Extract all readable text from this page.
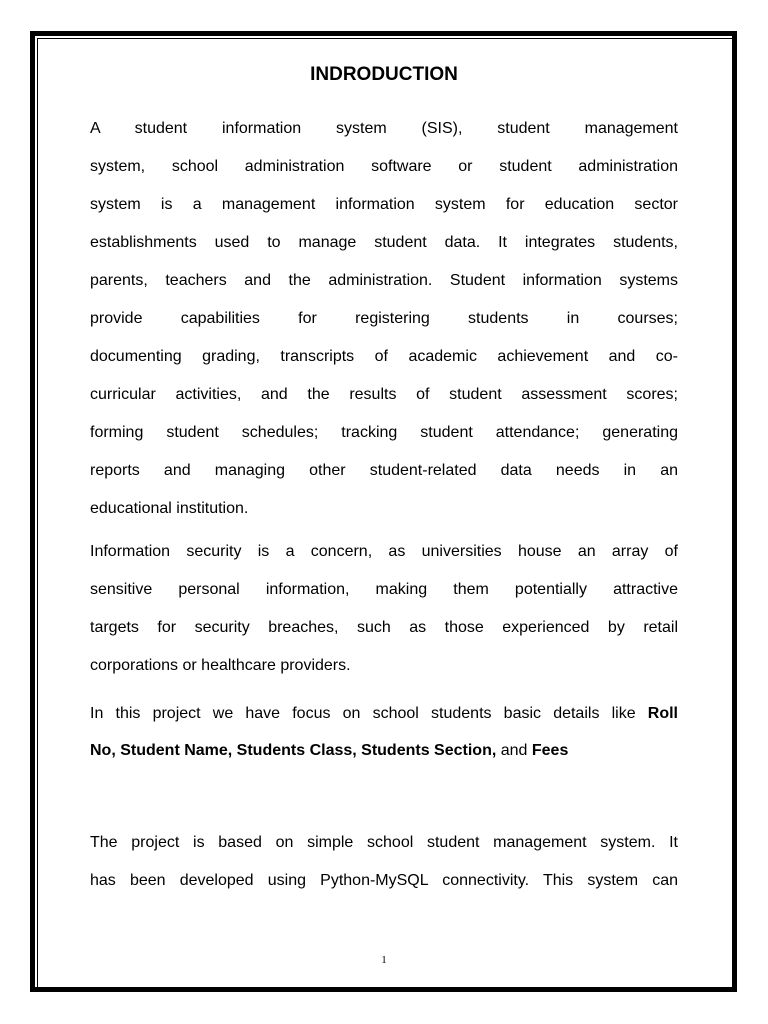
INDRODUCTION
A student information system (SIS), student management
system, school administration software or student administration
system is a management information system for education sector
establishments used to manage student data. It integrates students,
parents, teachers and the administration. Student information systems
provide capabilities for registering students in courses;
documenting grading, transcripts of academic achievement and co-
curricular activities, and the results of student assessment scores;
forming student schedules; tracking student attendance; generating
reports and managing other student-related data needs in an
educational institution.
Information security is a concern, as universities house an array of
sensitive personal information, making them potentially attractive
targets for security breaches, such as those experienced by retail
corporations or healthcare providers.
In this project we have focus on school students basic details like Roll
No, Student Name, Students Class, Students Section, and Fees
The project is based on simple school student management system. It
has been developed using Python-MySQL connectivity. This system can
1
